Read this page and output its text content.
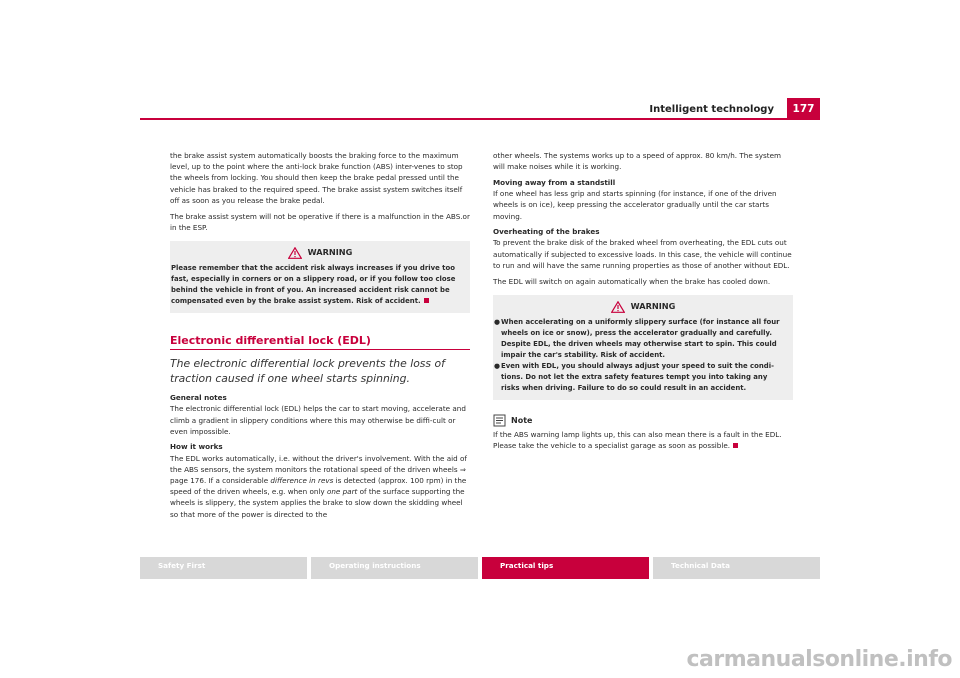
Intelligent technology	177

the brake assist system automatically boosts the braking force to the maximum level, up to the point where the anti-lock brake function (ABS) inter-venes to stop the wheels from locking. You should then keep the brake pedal pressed until the vehicle has braked to the required speed. The brake assist system switches itself off as soon as you release the brake pedal.

The brake assist system will not be operative if there is a malfunction in the ABS.or in the ESP.

WARNING

Please remember that the accident risk always increases if you drive too fast, especially in corners or on a slippery road, or if you follow too close behind the vehicle in front of you. An increased accident risk cannot be compensated even by the brake assist system. Risk of accident.

Electronic differential lock (EDL)
The electronic differential lock prevents the loss of traction caused if one wheel starts spinning.

General notes

The electronic differential lock (EDL) helps the car to start moving, accelerate and climb a gradient in slippery conditions where this may otherwise be diffi-cult or even impossible.

How it works

The EDL works automatically, i.e. without the driver's involvement. With the aid of the ABS sensors, the system monitors the rotational speed of the driven wheels ⇒ page 176. If a considerable difference in revs is detected (approx. 100 rpm) in the speed of the driven wheels, e.g. when only one part of the surface supporting the wheels is slippery, the system applies the brake to slow down the skidding wheel so that more of the power is directed to the

other wheels. The systems works up to a speed of approx. 80 km/h. The system will make noises while it is working.

Moving away from a standstill

If one wheel has less grip and starts spinning (for instance, if one of the driven wheels is on ice), keep pressing the accelerator gradually until the car starts moving.

Overheating of the brakes

To prevent the brake disk of the braked wheel from overheating, the EDL cuts out automatically if subjected to excessive loads. In this case, the vehicle will continue to run and will have the same running properties as those of another without EDL.

The EDL will switch on again automatically when the brake has cooled down.

WARNING
● When accelerating on a uniformly slippery surface (for instance all four wheels on ice or snow), press the accelerator gradually and carefully. Despite EDL, the driven wheels may otherwise start to spin. This could impair the car's stability. Risk of accident.
● Even with EDL, you should always adjust your speed to suit the condi-tions. Do not let the extra safety features tempt you into taking any risks when driving. Failure to do so could result in an accident.
Note

If the ABS warning lamp lights up, this can also mean there is a fault in the EDL. Please take the vehicle to a specialist garage as soon as possible.

Safety First	Operating instructions	Practical tips	Technical Data
carmanualsonline.info
